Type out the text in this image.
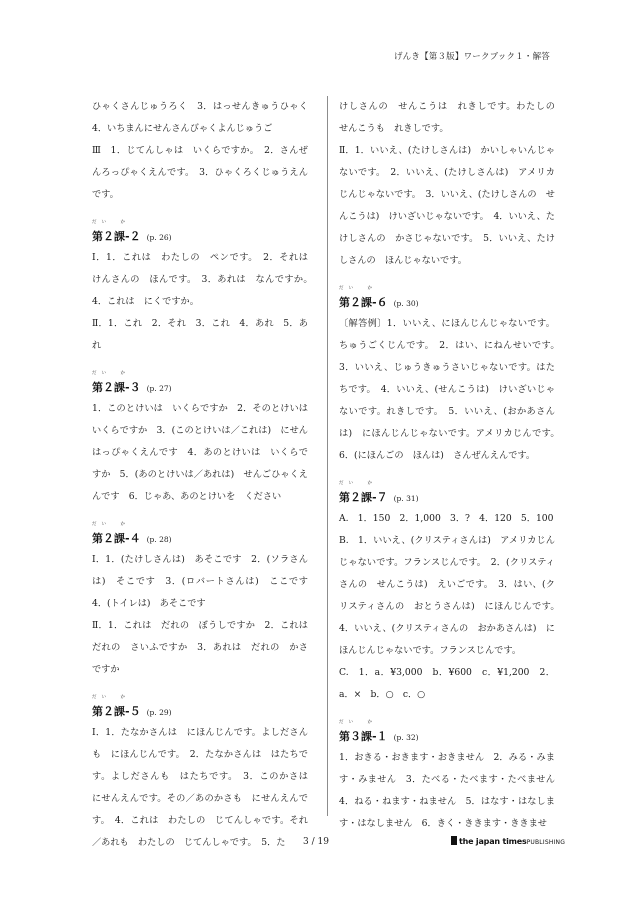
げんき【第３版】ワークブック１・解答

ひゃくさんじゅうろく　3．はっせんきゅうひゃく　4．いちまんにせんさんびゃくよんじゅうご

Ⅲ　1．じてんしゃは　いくらですか。　2．さんぜんろっぴゃくえんです。　3．ひゃくろくじゅうえんです。

だい　か
第２課-２ (p. 26)

Ⅰ．1．これは　わたしの　ペンです。　2．それは　けんさんの　ほんです。　3．あれは　なんですか。　4．これは　にくですか。

Ⅱ．1．これ　2．それ　3．これ　4．あれ　5．あれ

だい　か
第２課-３ (p. 27)

1．このとけいは　いくらですか　2．そのとけいは　いくらですか　3．(このとけいは／これは)　にせんはっぴゃくえんです　4．あのとけいは　いくらですか　5．(あのとけいは／あれは)　せんごひゃくえんです　6．じゃあ、あのとけいを　ください

だい　か
第２課-４ (p. 28)

Ⅰ．1．(たけしさんは)　あそこです　2．(ソラさんは)　そこです　3．(ロバートさんは)　ここです　4．(トイレは)　あそこです

Ⅱ．1．これは　だれの　ぼうしですか　2．これは　だれの　さいふですか　3．あれは　だれの　かさですか

だい　か
第２課-５ (p. 29)

Ⅰ．1．たなかさんは　にほんじんです。よしださんも　にほんじんです。　2．たなかさんは　はたちです。よしださんも　はたちです。　3．このかさは　にせんえんです。その／あのかさも　にせんえんです。　4．これは　わたしの　じてんしゃです。それ／あれも　わたしの　じてんしゃです。　5．た

けしさんの　せんこうは　れきしです。わたしの　せんこうも　れきしです。

Ⅱ．1．いいえ、(たけしさんは)　かいしゃいんじゃないです。　2．いいえ、(たけしさんは)　アメリカじんじゃないです。　3．いいえ、(たけしさんの　せんこうは)　けいざいじゃないです。　4．いいえ、たけしさんの　かさじゃないです。　5．いいえ、たけしさんの　ほんじゃないです。

だい　か
第２課-６ (p. 30)

〔解答例〕1．いいえ、にほんじんじゃないです。ちゅうごくじんです。　2．はい、にねんせいです。　3．いいえ、じゅうきゅうさいじゃないです。はたちです。　4．いいえ、(せんこうは)　けいざいじゃないです。れきしです。　5．いいえ、(おかあさんは)　にほんじんじゃないです。アメリカじんです。　6．(にほんごの　ほんは)　さんぜんえんです。

だい　か
第２課-７ (p. 31)

A.　1．150　2．1,000　3．?　4．120　5．100

B.　1．いいえ、(クリスティさんは)　アメリカじんじゃないです。フランスじんです。　2．(クリスティさんの　せんこうは)　えいごです。　3．はい、(クリスティさんの　おとうさんは)　にほんじんです。　4．いいえ、(クリスティさんの　おかあさんは)　にほんじんじゃないです。フランスじんです。

C.　1．a．¥3,000　b．¥600　c．¥1,200　2．a．×　b．○　c．○

だい　か
第３課-１ (p. 32)

1．おきる・おきます・おきません　2．みる・みます・みません　3．たべる・たべます・たべません　4．ねる・ねます・ねません　5．はなす・はなします・はなしません　6．きく・ききます・ききませ

3 / 19	the japan timesPUBLISHING
